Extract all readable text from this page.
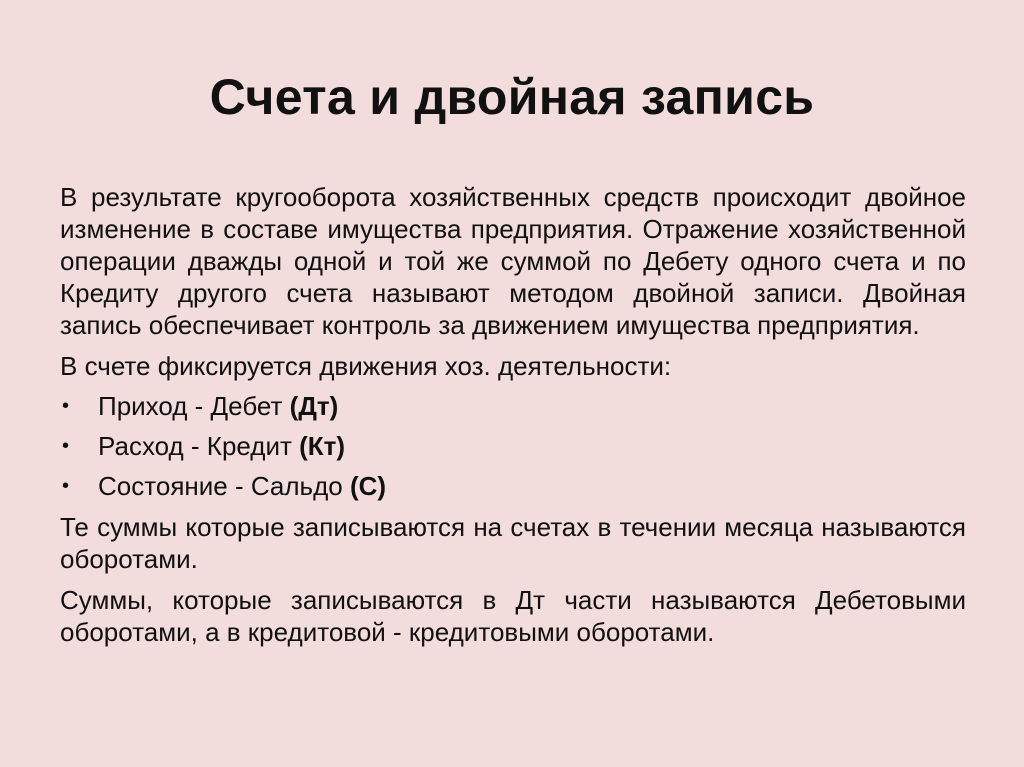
Счета и двойная запись

В результате кругооборота хозяйственных средств происходит двойное изменение в составе имущества предприятия. Отражение хозяйственной операции дважды одной и той же суммой по Дебету одного счета и по Кредиту другого счета называют методом двойной записи. Двойная запись обеспечивает контроль за движением имущества предприятия.

В счете фиксируется движения хоз. деятельности:

• Приход - Дебет (Дт)
• Расход - Кредит (Кт)
• Состояние - Сальдо (С)

Те суммы которые записываются на счетах в течении месяца называются оборотами.

Суммы, которые записываются в Дт части называются Дебетовыми оборотами, а в кредитовой - кредитовыми оборотами.
